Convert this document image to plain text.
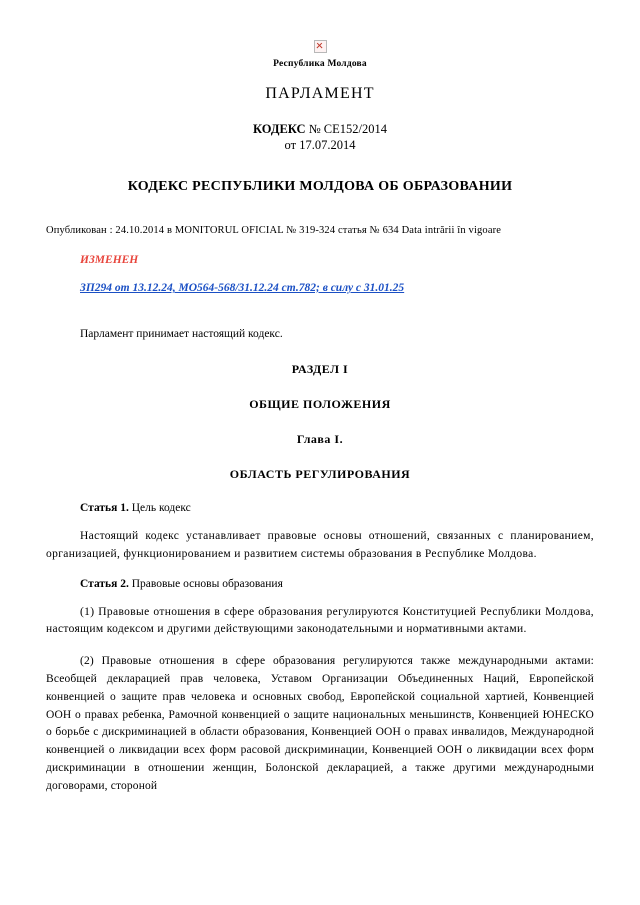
Республика Молдова
ПАРЛАМЕНТ
КОДЕКС № CE152/2014
от 17.07.2014
КОДЕКС РЕСПУБЛИКИ МОЛДОВА ОБ ОБРАЗОВАНИИ
Опубликован : 24.10.2014 в MONITORUL OFICIAL № 319-324 статья № 634 Data intrării în vigoare
ИЗМЕНЕН
ЗП294 от 13.12.24, МО564-568/31.12.24 ст.782; в силу с 31.01.25
Парламент принимает настоящий кодекс.
РАЗДЕЛ I
ОБЩИЕ ПОЛОЖЕНИЯ
Глава I.
ОБЛАСТЬ РЕГУЛИРОВАНИЯ
Статья 1. Цель кодекс
Настоящий кодекс устанавливает правовые основы отношений, связанных с планированием, организацией, функционированием и развитием системы образования в Республике Молдова.
Статья 2. Правовые основы образования
(1) Правовые отношения в сфере образования регулируются Конституцией Республики Молдова, настоящим кодексом и другими действующими законодательными и нормативными актами.
(2) Правовые отношения в сфере образования регулируются также международными актами: Всеобщей декларацией прав человека, Уставом Организации Объединенных Наций, Европейской конвенцией о защите прав человека и основных свобод, Европейской социальной хартией, Конвенцией ООН о правах ребенка, Рамочной конвенцией о защите национальных меньшинств, Конвенцией ЮНЕСКО о борьбе с дискриминацией в области образования, Конвенцией ООН о правах инвалидов, Международной конвенцией о ликвидации всех форм расовой дискриминации, Конвенцией ООН о ликвидации всех форм дискриминации в отношении женщин, Болонской декларацией, а также другими международными договорами, стороной
